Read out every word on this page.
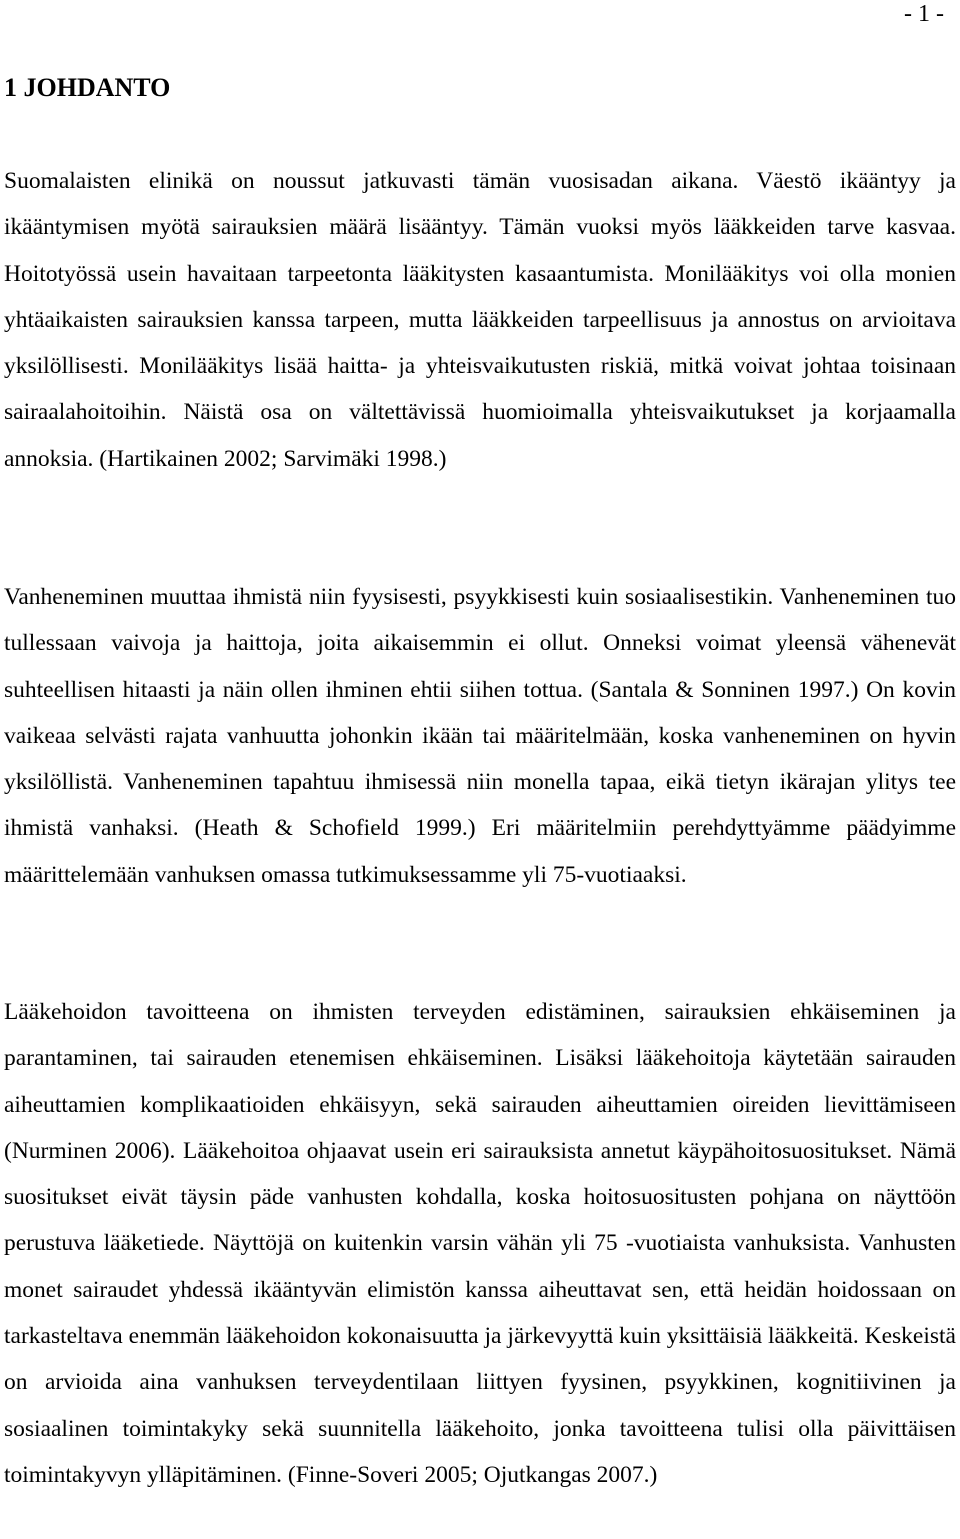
- 1 -
1 JOHDANTO

Suomalaisten elinikä on noussut jatkuvasti tämän vuosisadan aikana. Väestö ikääntyy ja ikääntymisen myötä sairauksien määrä lisääntyy. Tämän vuoksi myös lääkkeiden tarve kasvaa. Hoitotyössä usein havaitaan tarpeetonta lääkitysten kasaantumista. Monilääkitys voi olla monien yhtäaikaisten sairauksien kanssa tarpeen, mutta lääkkeiden tarpeellisuus ja annostus on arvioitava yksilöllisesti. Monilääkitys lisää haitta- ja yhteisvaikutusten riskiä, mitkä voivat johtaa toisinaan sairaalahoitoihin. Näistä osa on vältettävissä huomioimalla yhteisvaikutukset ja korjaamalla annoksia. (Hartikainen 2002; Sarvimäki 1998.)

Vanheneminen muuttaa ihmistä niin fyysisesti, psyykkisesti kuin sosiaalisestikin. Vanheneminen tuo tullessaan vaivoja ja haittoja, joita aikaisemmin ei ollut. Onneksi voimat yleensä vähenevät suhteellisen hitaasti ja näin ollen ihminen ehtii siihen tottua. (Santala & Sonninen 1997.) On kovin vaikeaa selvästi rajata vanhuutta johonkin ikään tai määritelmään, koska vanheneminen on hyvin yksilöllistä. Vanheneminen tapahtuu ihmisessä niin monella tapaa, eikä tietyn ikärajan ylitys tee ihmistä vanhaksi. (Heath & Schofield 1999.) Eri määritelmiin perehdyttyämme päädyimme määrittelemään vanhuksen omassa tutkimuksessamme yli 75-vuotiaaksi.

Lääkehoidon tavoitteena on ihmisten terveyden edistäminen, sairauksien ehkäiseminen ja parantaminen, tai sairauden etenemisen ehkäiseminen. Lisäksi lääkehoitoja käytetään sairauden aiheuttamien komplikaatioiden ehkäisyyn, sekä sairauden aiheuttamien oireiden lievittämiseen (Nurminen 2006). Lääkehoitoa ohjaavat usein eri sairauksista annetut käypähoitosuositukset. Nämä suositukset eivät täysin päde vanhusten kohdalla, koska hoitosuositusten pohjana on näyttöön perustuva lääketiede. Näyttöjä on kuitenkin varsin vähän yli 75 -vuotiaista vanhuksista. Vanhusten monet sairaudet yhdessä ikääntyvän elimistön kanssa aiheuttavat sen, että heidän hoidossaan on tarkasteltava enemmän lääkehoidon kokonaisuutta ja järkevyyttä kuin yksittäisiä lääkkeitä. Keskeistä on arvioida aina vanhuksen terveydentilaan liittyen fyysinen, psyykkinen, kognitiivinen ja sosiaalinen toimintakyky sekä suunnitella lääkehoito, jonka tavoitteena tulisi olla päivittäisen toimintakyvyn ylläpitäminen. (Finne-Soveri 2005; Ojutkangas 2007.)
